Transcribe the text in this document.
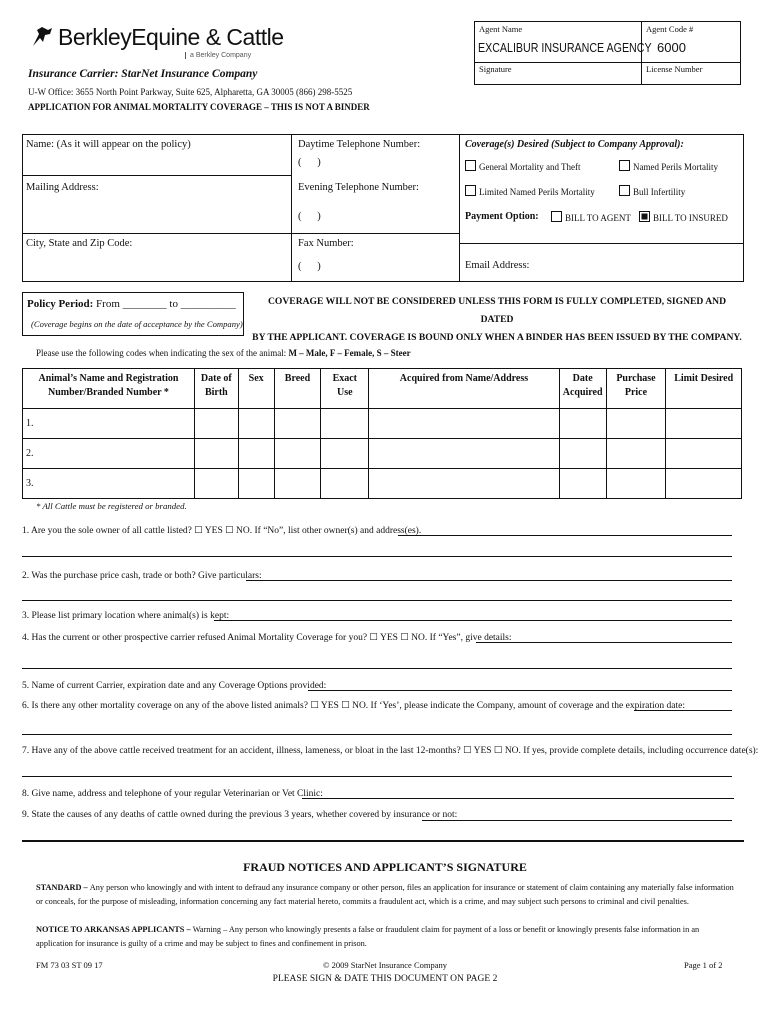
BerkleyEquine & Cattle
a Berkley Company
Agent Name
EXCALIBUR INSURANCE AGENCY
Agent Code #
6000
Signature	License Number
Insurance Carrier: StarNet Insurance Company
U-W Office: 3655 North Point Parkway, Suite 625, Alpharetta, GA 30005 (866) 298-5525
APPLICATION FOR ANIMAL MORTALITY COVERAGE – THIS IS NOT A BINDER
Name: (As it will appear on the policy)
Mailing Address:
City, State and Zip Code:
Daytime Telephone Number:
(      )
Evening Telephone Number:
(      )
Fax Number:
(      )
Coverage(s) Desired (Subject to Company Approval):
General Mortality and Theft	Named Perils Mortality
Limited Named Perils Mortality	Bull Infertility
Payment Option:	BILL TO AGENT	BILL TO INSURED
Email Address:
Policy Period: From ________ to __________
(Coverage begins on the date of acceptance by the Company)
COVERAGE WILL NOT BE CONSIDERED UNLESS THIS FORM IS FULLY COMPLETED, SIGNED AND DATED
BY THE APPLICANT. COVERAGE IS BOUND ONLY WHEN A BINDER HAS BEEN ISSUED BY THE COMPANY.
Please use the following codes when indicating the sex of the animal: M – Male, F – Female, S – Steer
Animal’s Name and Registration Number/Branded Number *	Date of Birth	Sex	Breed	Exact Use	Acquired from Name/Address	Date Acquired	Purchase Price	Limit Desired
1.								
2.								
3.								
* All Cattle must be registered or branded.
1. Are you the sole owner of all cattle listed? ☐ YES ☐ NO. If “No”, list other owner(s) and address(es).
2. Was the purchase price cash, trade or both? Give particulars:
3. Please list primary location where animal(s) is kept:
4. Has the current or other prospective carrier refused Animal Mortality Coverage for you? ☐ YES ☐ NO. If “Yes”, give details:
5. Name of current Carrier, expiration date and any Coverage Options provided:
6. Is there any other mortality coverage on any of the above listed animals? ☐ YES ☐ NO. If ‘Yes’, please indicate the Company, amount of coverage and the expiration date:
7. Have any of the above cattle received treatment for an accident, illness, lameness, or bloat in the last 12-months? ☐ YES ☐ NO. If yes, provide complete details, including occurrence date(s):
8. Give name, address and telephone of your regular Veterinarian or Vet Clinic:
9. State the causes of any deaths of cattle owned during the previous 3 years, whether covered by insurance or not:
FRAUD NOTICES AND APPLICANT’S SIGNATURE
STANDARD – Any person who knowingly and with intent to defraud any insurance company or other person, files an application for insurance or statement of claim containing any materially false information or conceals, for the purpose of misleading, information concerning any fact material hereto, commits a fraudulent act, which is a crime, and may subject such persons to criminal and civil penalties.
NOTICE TO ARKANSAS APPLICANTS – Warning – Any person who knowingly presents a false or fraudulent claim for payment of a loss or benefit or knowingly presents false information in an application for insurance is guilty of a crime and may be subject to fines and confinement in prison.
FM 73 03 ST 09 17	© 2009 StarNet Insurance Company
PLEASE SIGN & DATE THIS DOCUMENT ON PAGE 2
Page 1 of 2
